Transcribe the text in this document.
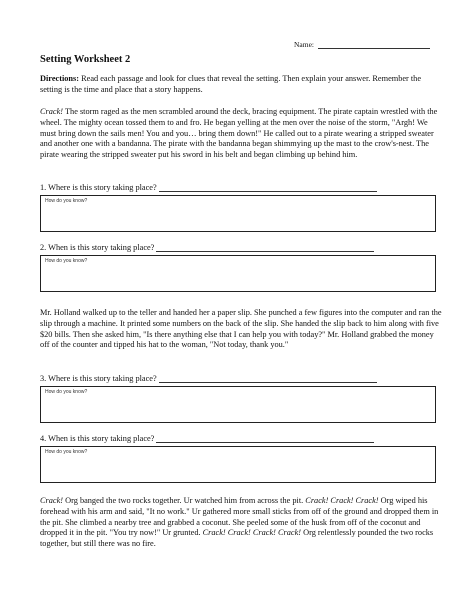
Name:
Setting Worksheet 2

Directions: Read each passage and look for clues that reveal the setting. Then explain your answer. Remember the setting is the time and place that a story happens.

Crack! The storm raged as the men scrambled around the deck, bracing equipment. The pirate captain wrestled with the wheel. The mighty ocean tossed them to and fro. He began yelling at the men over the noise of the storm, "Argh! We must bring down the sails men! You and you… bring them down!" He called out to a pirate wearing a stripped sweater and another one with a bandanna. The pirate with the bandanna began shimmying up the mast to the crow's-nest. The pirate wearing the stripped sweater put his sword in his belt and began climbing up behind him.

1. Where is this story taking place?
How do you know?
2. When is this story taking place?
How do you know?

Mr. Holland walked up to the teller and handed her a paper slip. She punched a few figures into the computer and ran the slip through a machine. It printed some numbers on the back of the slip. She handed the slip back to him along with five $20 bills. Then she asked him, "Is there anything else that I can help you with today?" Mr. Holland grabbed the money off of the counter and tipped his hat to the woman, "Not today, thank you."

3. Where is this story taking place?
How do you know?
4. When is this story taking place?
How do you know?

Crack! Org banged the two rocks together. Ur watched him from across the pit. Crack! Crack! Crack! Org wiped his forehead with his arm and said, "It no work." Ur gathered more small sticks from off of the ground and dropped them in the pit. She climbed a nearby tree and grabbed a coconut. She peeled some of the husk from off of the coconut and dropped it in the pit. "You try now!" Ur grunted. Crack! Crack! Crack! Crack! Org relentlessly pounded the two rocks together, but still there was no fire.
